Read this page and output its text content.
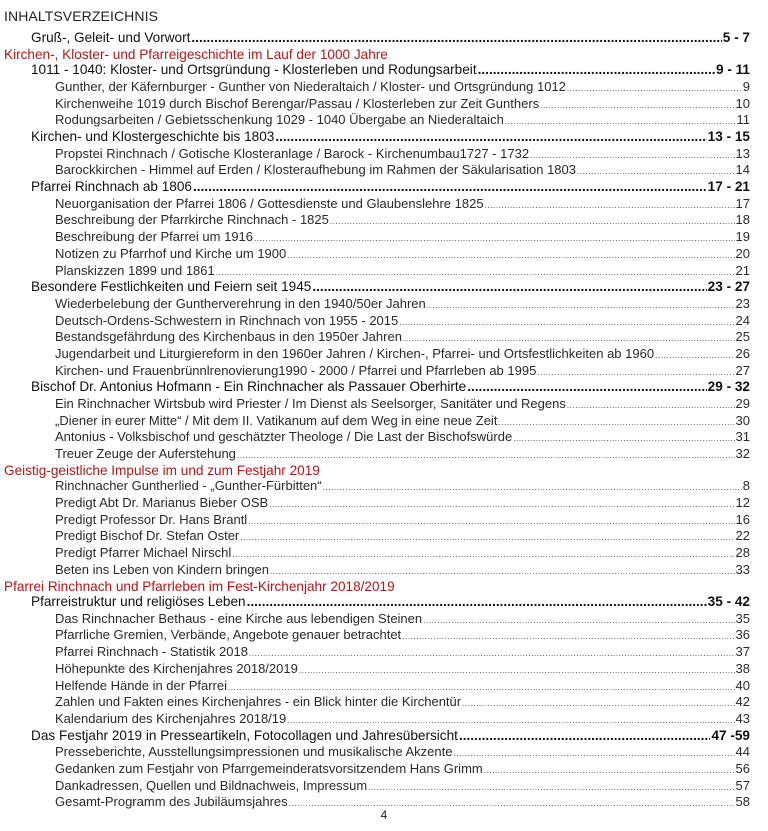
INHALTSVERZEICHNIS
Gruß-, Geleit- und Vorwort .....	5 - 7
Kirchen-, Kloster- und Pfarreigeschichte im Lauf der 1000 Jahre
1011 - 1040: Kloster- und Ortsgründung - Klosterleben und Rodungsarbeit .....	9 - 11
Gunther, der Käfernburger - Gunther von Niederaltaich / Kloster- und Ortsgründung 1012 .....	9
Kirchenweihe 1019 durch Bischof Berengar/Passau / Klosterleben zur Zeit Gunthers .....	10
Rodungsarbeiten / Gebietsschenkung 1029 - 1040 Übergabe an Niederaltaich .....	11
Kirchen- und Klostergeschichte bis 1803 .....	13 - 15
Propstei Rinchnach / Gotische Klosteranlage / Barock - Kirchenumbau1727 - 1732 .....	13
Barockkirchen - Himmel auf Erden / Klosteraufhebung im Rahmen der Säkularisation 1803 .....	14
Pfarrei Rinchnach ab 1806 .....	17 - 21
Neuorganisation der Pfarrei 1806 / Gottesdienste und Glaubenslehre 1825 .....	17
Beschreibung der Pfarrkirche Rinchnach - 1825 .....	18
Beschreibung der Pfarrei um 1916 .....	19
Notizen zu Pfarrhof und Kirche um 1900 .....	20
Planskizzen 1899 und 1861 .....	21
Besondere Festlichkeiten und Feiern seit 1945 .....	23 - 27
Wiederbelebung der Guntherverehrung in den 1940/50er Jahren .....	23
Deutsch-Ordens-Schwestern in Rinchnach von 1955 - 2015 .....	24
Bestandsgefährdung des Kirchenbaus in den 1950er Jahren .....	25
Jugendarbeit und Liturgiereform in den 1960er Jahren / Kirchen-, Pfarrei- und Ortsfestlichkeiten ab 1960 .....	26
Kirchen- und Frauenbrünnlrenovierung1990 - 2000 / Pfarrei und Pfarrleben ab 1995 .....	27
Bischof Dr. Antonius Hofmann - Ein Rinchnacher als Passauer Oberhirte .....	29 - 32
Ein Rinchnacher Wirtsbub wird Priester / Im Dienst als Seelsorger, Sanitäter und Regens .....	29
„Diener in eurer Mitte“ / Mit dem II. Vatikanum auf dem Weg in eine neue Zeit .....	30
Antonius - Volksbischof und geschätzter Theologe / Die Last der Bischofswürde .....	31
Treuer Zeuge der Auferstehung .....	32
Geistig-geistliche Impulse im und zum Festjahr 2019
Rinchnacher Guntherlied - „Gunther-Fürbitten“ .....	8
Predigt Abt Dr. Marianus Bieber OSB .....	12
Predigt Professor Dr. Hans Brantl .....	16
Predigt Bischof Dr. Stefan Oster .....	22
Predigt Pfarrer Michael Nirschl .....	28
Beten ins Leben von Kindern bringen .....	33
Pfarrei Rinchnach und Pfarrleben im Fest-Kirchenjahr 2018/2019
Pfarreistruktur und religiöses Leben .....	35 - 42
Das Rinchnacher Bethaus - eine Kirche aus lebendigen Steinen .....	35
Pfarrliche Gremien, Verbände, Angebote genauer betrachtet .....	36
Pfarrei Rinchnach - Statistik 2018 .....	37
Höhepunkte des Kirchenjahres 2018/2019 .....	38
Helfende Hände in der Pfarrei .....	40
Zahlen und Fakten eines Kirchenjahres - ein Blick hinter die Kirchentür .....	42
Kalendarium des Kirchenjahres 2018/19 .....	43
Das Festjahr 2019 in Presseartikeln, Fotocollagen und Jahresübersicht .....	47 -59
Presseberichte, Ausstellungsimpressionen und musikalische Akzente .....	44
Gedanken zum Festjahr von Pfarrgemeinderatsvorsitzendem Hans Grimm .....	56
Dankadressen, Quellen und Bildnachweis, Impressum .....	57
Gesamt-Programm des Jubiläumsjahres .....	58
4
